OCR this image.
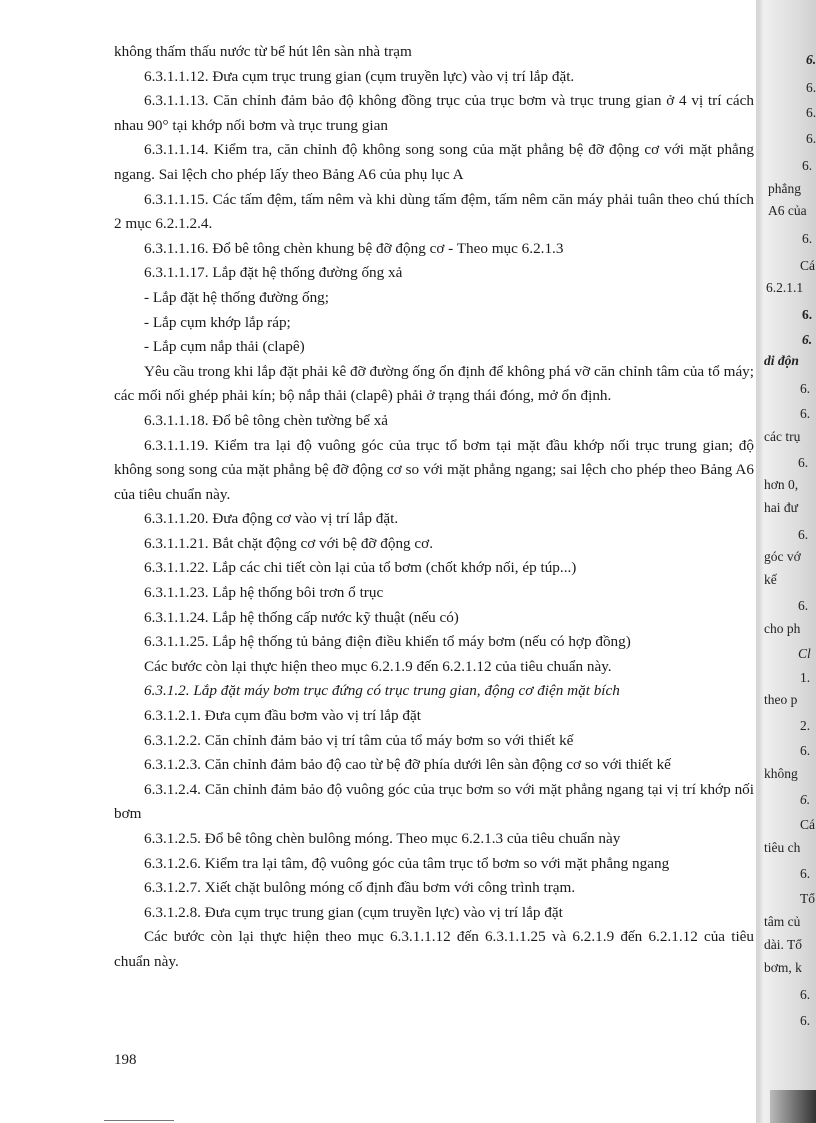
không thấm thấu nước từ bể hút lên sàn nhà trạm

6.3.1.1.12. Đưa cụm trục trung gian (cụm truyền lực) vào vị trí lắp đặt.

6.3.1.1.13. Căn chỉnh đảm bảo độ không đồng trục của trục bơm và trục trung gian ở 4 vị trí cách nhau 90° tại khớp nối bơm và trục trung gian

6.3.1.1.14. Kiểm tra, căn chỉnh độ không song song của mặt phẳng bệ đỡ động cơ với mặt phẳng ngang. Sai lệch cho phép lấy theo Bảng A6 của phụ lục A

6.3.1.1.15. Các tấm đệm, tấm nêm và khi dùng tấm đệm, tấm nêm căn máy phải tuân theo chú thích 2 mục 6.2.1.2.4.

6.3.1.1.16. Đổ bê tông chèn khung bệ đỡ động cơ - Theo mục 6.2.1.3

6.3.1.1.17. Lắp đặt hệ thống đường ống xả

- Lắp đặt hệ thống đường ống;

- Lắp cụm khớp lắp ráp;

- Lắp cụm nắp thải (clapê)

Yêu cầu trong khi lắp đặt phải kê đỡ đường ống ổn định để không phá vỡ căn chỉnh tâm của tổ máy; các mối nối ghép phải kín; bộ nắp thải (clapê) phải ở trạng thái đóng, mở ổn định.

6.3.1.1.18. Đổ bê tông chèn tường bể xả

6.3.1.1.19. Kiểm tra lại độ vuông góc của trục tổ bơm tại mặt đầu khớp nối trục trung gian; độ không song song của mặt phẳng bệ đỡ động cơ so với mặt phẳng ngang; sai lệch cho phép theo Bảng A6 của tiêu chuẩn này.

6.3.1.1.20. Đưa động cơ vào vị trí lắp đặt.

6.3.1.1.21. Bắt chặt động cơ với bệ đỡ động cơ.

6.3.1.1.22. Lắp các chi tiết còn lại của tổ bơm (chốt khớp nối, ép túp...)

6.3.1.1.23. Lắp hệ thống bôi trơn ổ trục

6.3.1.1.24. Lắp hệ thống cấp nước kỹ thuật (nếu có)

6.3.1.1.25. Lắp hệ thống tủ bảng điện điều khiển tổ máy bơm (nếu có hợp đồng)

Các bước còn lại thực hiện theo mục 6.2.1.9 đến 6.2.1.12 của tiêu chuẩn này.

6.3.1.2. Lắp đặt máy bơm trục đứng có trục trung gian, động cơ điện mặt bích

6.3.1.2.1. Đưa cụm đầu bơm vào vị trí lắp đặt

6.3.1.2.2. Căn chỉnh đảm bảo vị trí tâm của tổ máy bơm so với thiết kế

6.3.1.2.3. Căn chỉnh đảm bảo độ cao từ bệ đỡ phía dưới lên sàn động cơ so với thiết kế

6.3.1.2.4. Căn chỉnh đảm bảo độ vuông góc của trục bơm so với mặt phẳng ngang tại vị trí khớp nối bơm

6.3.1.2.5. Đổ bê tông chèn bulông móng. Theo mục 6.2.1.3 của tiêu chuẩn này

6.3.1.2.6. Kiểm tra lại tâm, độ vuông góc của tâm trục tổ bơm so với mặt phẳng ngang

6.3.1.2.7. Xiết chặt bulông móng cố định đầu bơm với công trình trạm.

6.3.1.2.8. Đưa cụm trục trung gian (cụm truyền lực) vào vị trí lắp đặt

Các bước còn lại thực hiện theo mục 6.3.1.1.12 đến 6.3.1.1.25 và 6.2.1.9 đến 6.2.1.12 của tiêu chuẩn này.

198
6.
6.
6.
6.
6.
phẳng
A6 của
6.
Cá
6.2.1.1
6.
6.
di độn
6.
6.
các trụ
6.
hơn 0,
hai đư
6.
góc vớ
kế
6.
cho ph
Cl
1.
theo p
2.
6.
không
6.
Cá
tiêu ch
6.
Tổ
tâm củ
dài. Tổ
bơm, k
6.
6.
